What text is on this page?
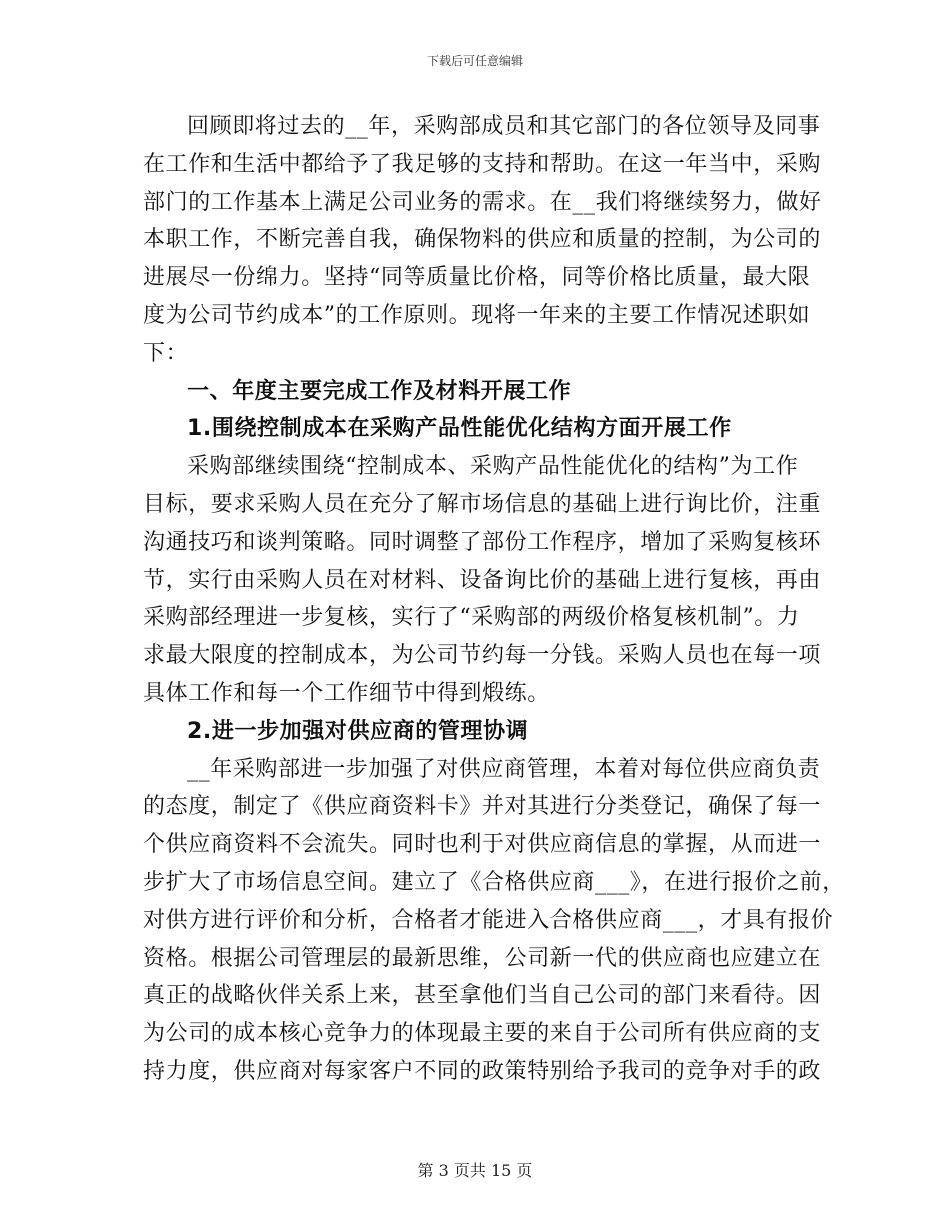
下载后可任意编辑
回顾即将过去的__年，采购部成员和其它部门的各位领导及同事
在工作和生活中都给予了我足够的支持和帮助。在这一年当中，采购
部门的工作基本上满足公司业务的需求。在__我们将继续努力，做好
本职工作，不断完善自我，确保物料的供应和质量的控制，为公司的
进展尽一份绵力。坚持“同等质量比价格，同等价格比质量，最大限
度为公司节约成本”的工作原则。现将一年来的主要工作情况述职如
下：
一、年度主要完成工作及材料开展工作
1.围绕控制成本在采购产品性能优化结构方面开展工作
采购部继续围绕“控制成本、采购产品性能优化的结构”为工作
目标，要求采购人员在充分了解市场信息的基础上进行询比价，注重
沟通技巧和谈判策略。同时调整了部份工作程序，增加了采购复核环
节，实行由采购人员在对材料、设备询比价的基础上进行复核，再由
采购部经理进一步复核，实行了“采购部的两级价格复核机制”。力
求最大限度的控制成本，为公司节约每一分钱。采购人员也在每一项
具体工作和每一个工作细节中得到煅练。
2.进一步加强对供应商的管理协调
__年采购部进一步加强了对供应商管理，本着对每位供应商负责
的态度，制定了《供应商资料卡》并对其进行分类登记，确保了每一
个供应商资料不会流失。同时也利于对供应商信息的掌握，从而进一
步扩大了市场信息空间。建立了《合格供应商___》，在进行报价之前，
对供方进行评价和分析，合格者才能进入合格供应商___，才具有报价
资格。根据公司管理层的最新思维，公司新一代的供应商也应建立在
真正的战略伙伴关系上来，甚至拿他们当自己公司的部门来看待。因
为公司的成本核心竞争力的体现最主要的来自于公司所有供应商的支
持力度，供应商对每家客户不同的政策特别给予我司的竞争对手的政
第 3 页共 15 页
